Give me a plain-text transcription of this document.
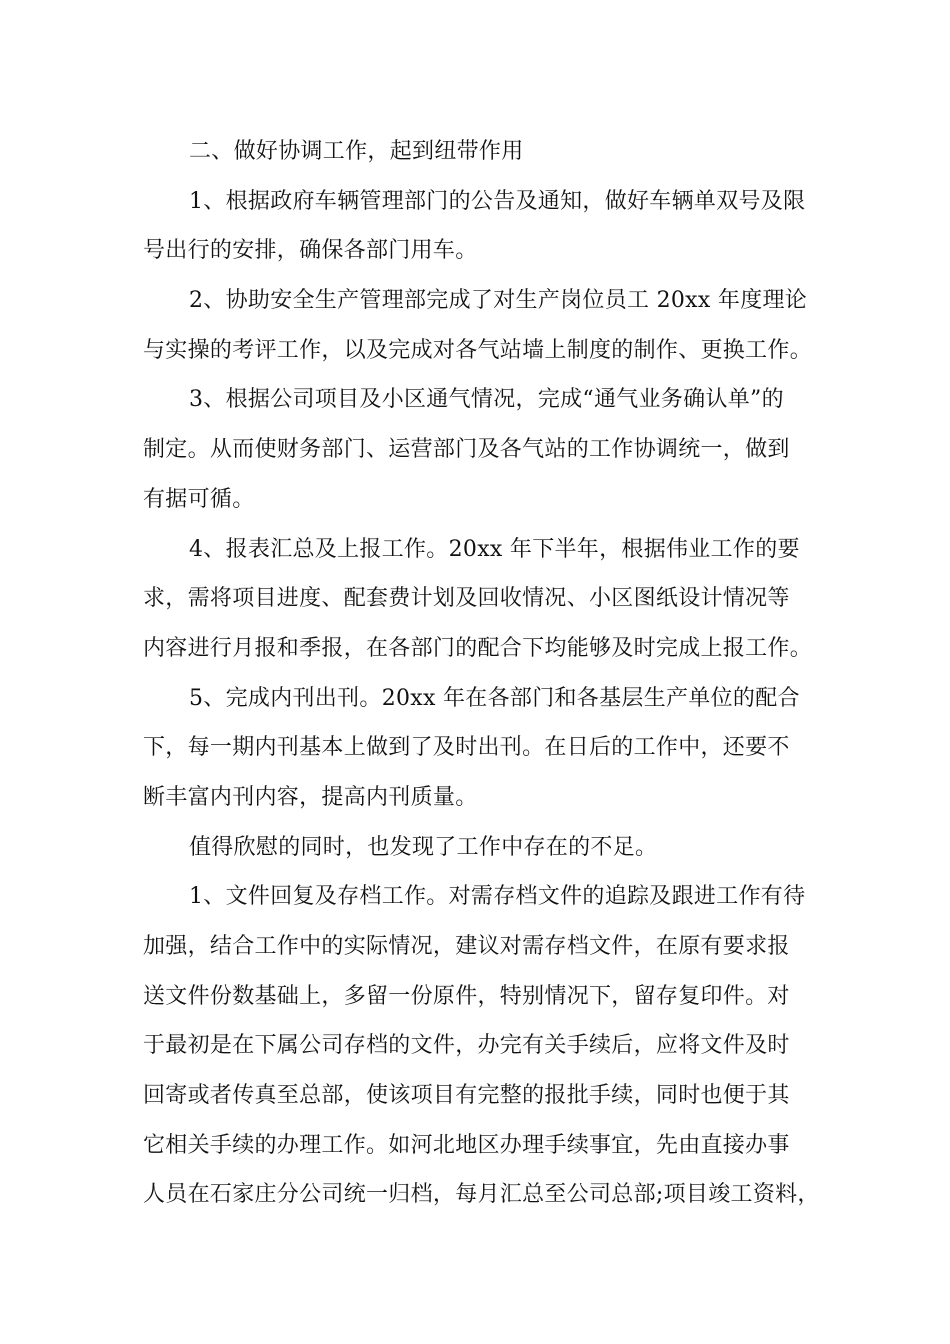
二、做好协调工作，起到纽带作用
1、根据政府车辆管理部门的公告及通知，做好车辆单双号及限
号出行的安排，确保各部门用车。
2、协助安全生产管理部完成了对生产岗位员工 20xx 年度理论
与实操的考评工作，以及完成对各气站墙上制度的制作、更换工作。
3、根据公司项目及小区通气情况，完成“通气业务确认单”的
制定。从而使财务部门、运营部门及各气站的工作协调统一，做到
有据可循。
4、报表汇总及上报工作。20xx 年下半年，根据伟业工作的要
求，需将项目进度、配套费计划及回收情况、小区图纸设计情况等
内容进行月报和季报，在各部门的配合下均能够及时完成上报工作。
5、完成内刊出刊。20xx 年在各部门和各基层生产单位的配合
下，每一期内刊基本上做到了及时出刊。在日后的工作中，还要不
断丰富内刊内容，提高内刊质量。
值得欣慰的同时，也发现了工作中存在的不足。
1、文件回复及存档工作。对需存档文件的追踪及跟进工作有待
加强，结合工作中的实际情况，建议对需存档文件，在原有要求报
送文件份数基础上，多留一份原件，特别情况下，留存复印件。对
于最初是在下属公司存档的文件，办完有关手续后，应将文件及时
回寄或者传真至总部，使该项目有完整的报批手续，同时也便于其
它相关手续的办理工作。如河北地区办理手续事宜，先由直接办事
人员在石家庄分公司统一归档，每月汇总至公司总部;项目竣工资料，
